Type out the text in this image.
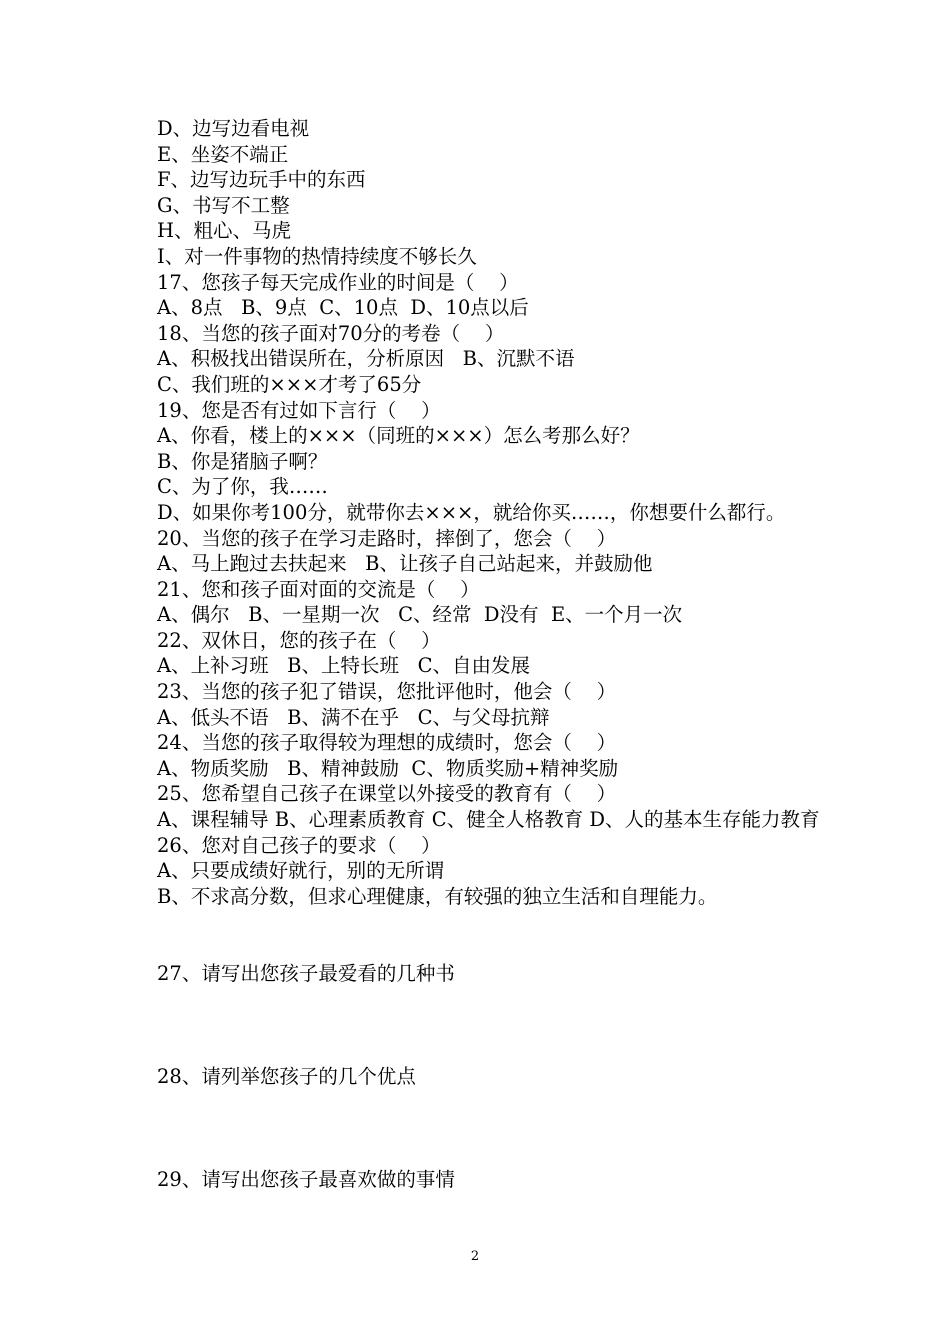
D、边写边看电视
E、坐姿不端正
F、边写边玩手中的东西
G、书写不工整
H、粗心、马虎
I、对一件事物的热情持续度不够长久
17、您孩子每天完成作业的时间是（    ）
A、8点   B、9点  C、10点  D、10点以后
18、当您的孩子面对70分的考卷（    ）
A、积极找出错误所在，分析原因   B、沉默不语
C、我们班的×××才考了65分
19、您是否有过如下言行（    ）
A、你看，楼上的×××（同班的×××）怎么考那么好？
B、你是猪脑子啊？
C、为了你，我……
D、如果你考100分，就带你去×××，就给你买……，你想要什么都行。
20、当您的孩子在学习走路时，摔倒了，您会（    ）
A、马上跑过去扶起来   B、让孩子自己站起来，并鼓励他
21、您和孩子面对面的交流是（    ）
A、偶尔   B、一星期一次   C、经常  D没有  E、一个月一次
22、双休日，您的孩子在（    ）
A、上补习班   B、上特长班   C、自由发展
23、当您的孩子犯了错误，您批评他时，他会（    ）
A、低头不语   B、满不在乎   C、与父母抗辩
24、当您的孩子取得较为理想的成绩时，您会（    ）
A、物质奖励   B、精神鼓励  C、物质奖励+精神奖励
25、您希望自己孩子在课堂以外接受的教育有（    ）
A、课程辅导 B、心理素质教育 C、健全人格教育 D、人的基本生存能力教育
26、您对自己孩子的要求（    ）
A、只要成绩好就行，别的无所谓
B、不求高分数，但求心理健康，有较强的独立生活和自理能力。
27、请写出您孩子最爱看的几种书
28、请列举您孩子的几个优点
29、请写出您孩子最喜欢做的事情
2
